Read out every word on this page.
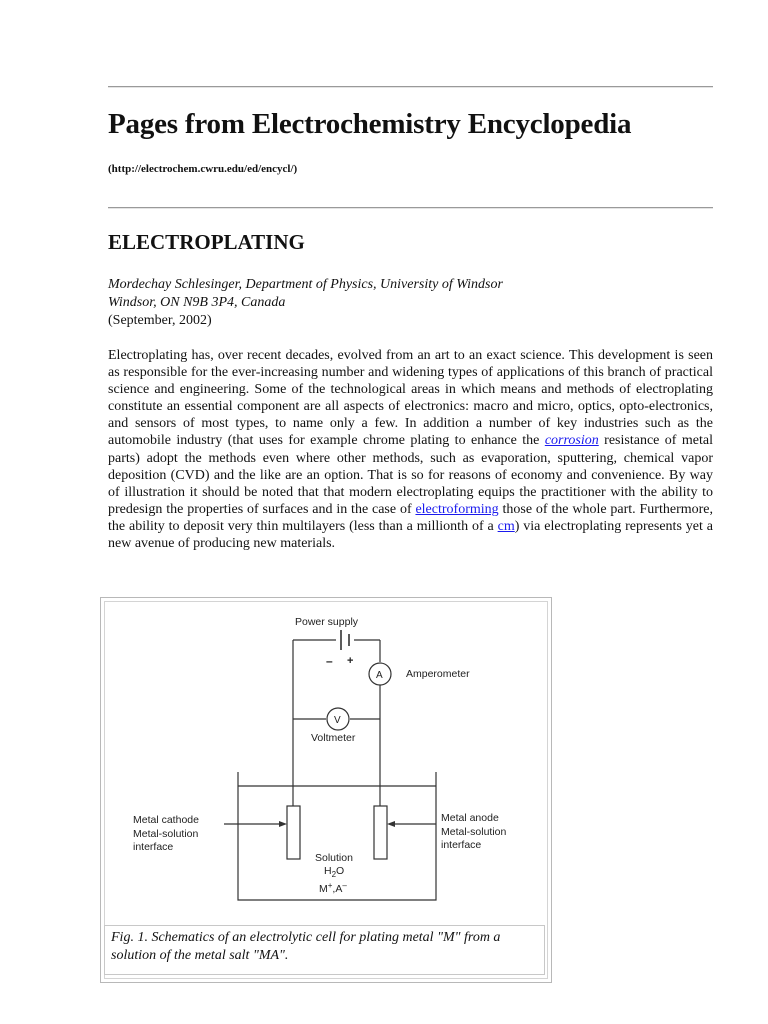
Pages from Electrochemistry Encyclopedia
(http://electrochem.cwru.edu/ed/encycl/)
ELECTROPLATING
Mordechay Schlesinger, Department of Physics, University of Windsor
Windsor, ON N9B 3P4, Canada
(September, 2002)

Electroplating has, over recent decades, evolved from an art to an exact science. This development is seen as responsible for the ever-increasing number and widening types of applications of this branch of practical science and engineering. Some of the technological areas in which means and methods of electroplating constitute an essential component are all aspects of electronics: macro and micro, optics, opto-electronics, and sensors of most types, to name only a few. In addition a number of key industries such as the automobile industry (that uses for example chrome plating to enhance the corrosion resistance of metal parts) adopt the methods even where other methods, such as evaporation, sputtering, chemical vapor deposition (CVD) and the like are an option. That is so for reasons of economy and convenience. By way of illustration it should be noted that that modern electroplating equips the practitioner with the ability to predesign the properties of surfaces and in the case of electroforming those of the whole part. Furthermore, the ability to deposit very thin multilayers (less than a millionth of a cm) via electroplating represents yet a new avenue of producing new materials.

Power supply
– +
A Amperometer
V
Voltmeter
Metal cathode
Metal-solution
interface
Metal anode
Metal-solution
interface
Solution
$H_2O$
M+,A–

Fig. 1. Schematics of an electrolytic cell for plating metal "M" from a solution of the metal salt "MA".
